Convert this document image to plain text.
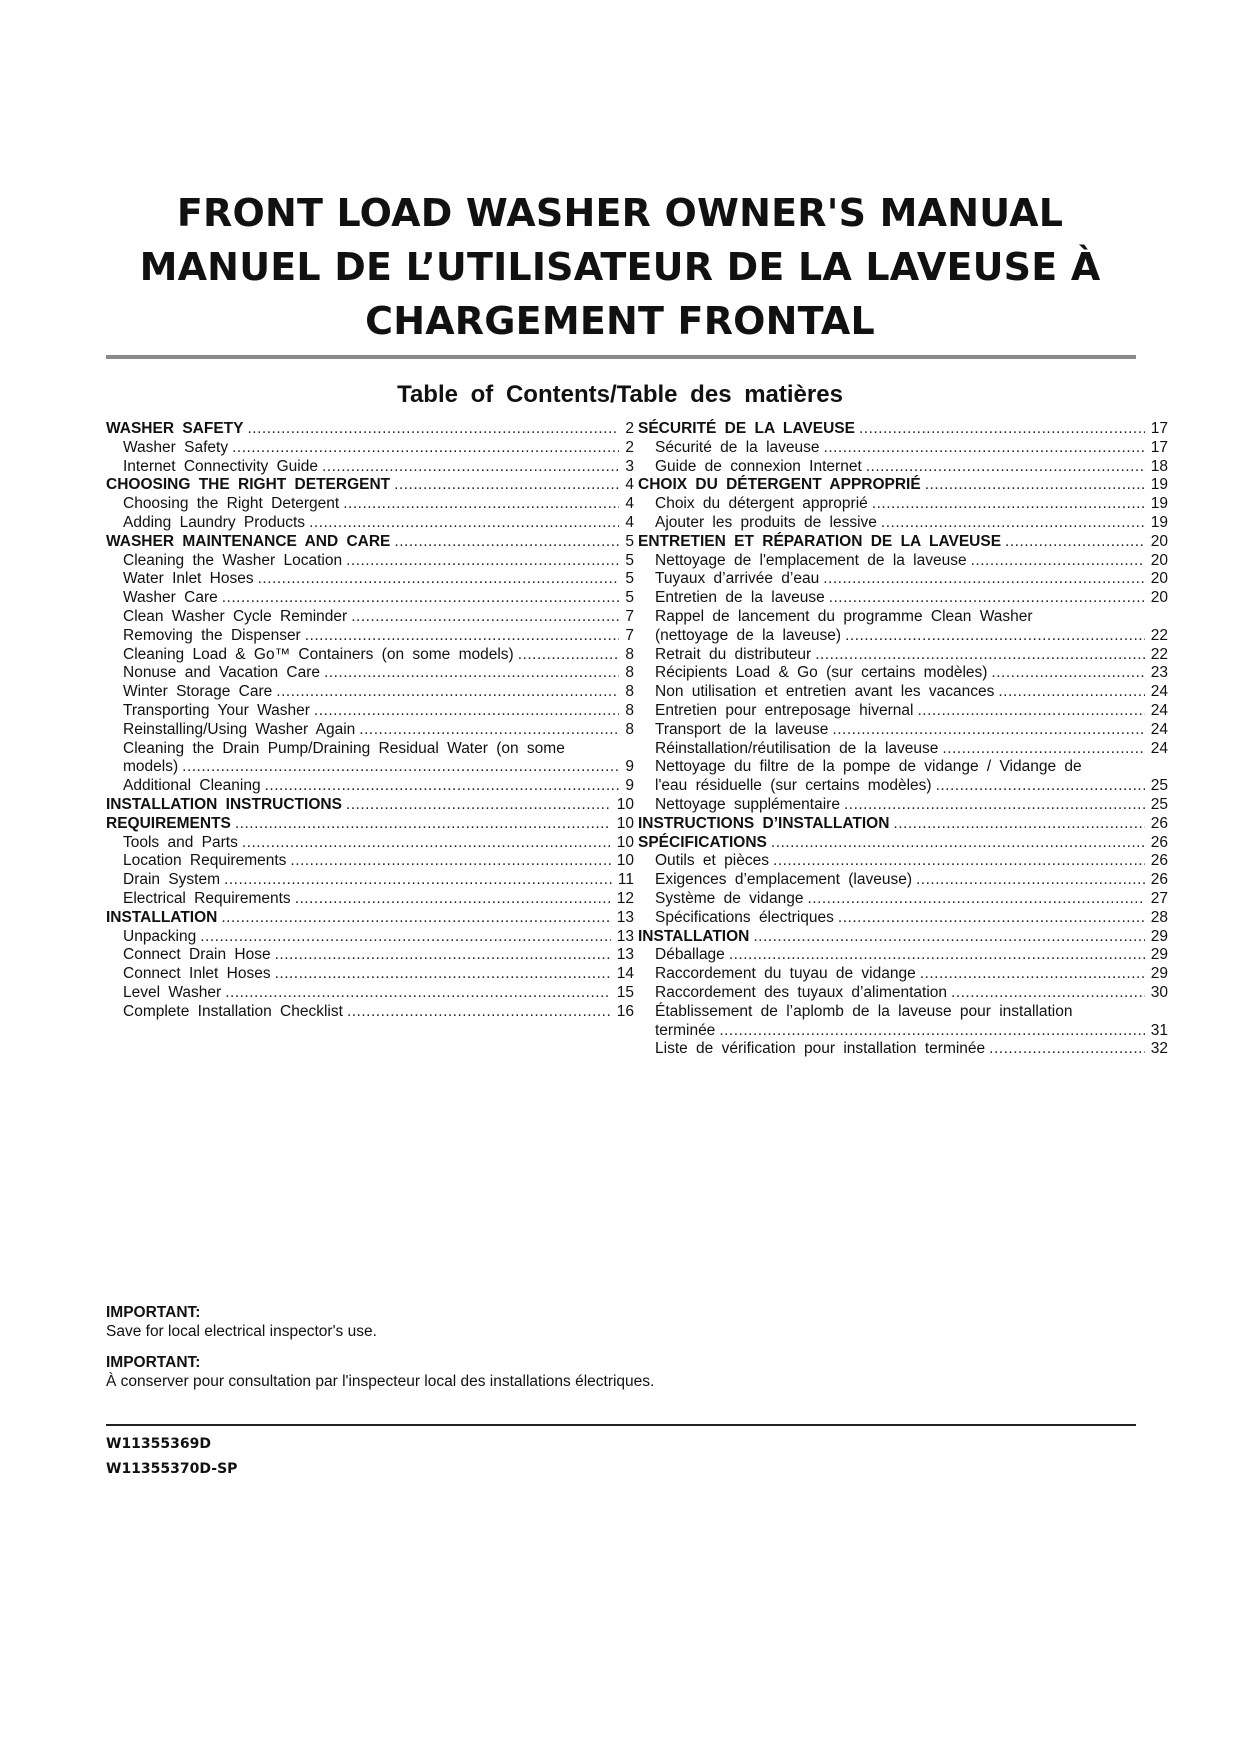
FRONT LOAD WASHER OWNER'S MANUAL
MANUEL DE L’UTILISATEUR DE LA LAVEUSE À
CHARGEMENT FRONTAL
Table of Contents/Table des matières
WASHER SAFETY .....	2
Washer Safety .....	2
Internet Connectivity Guide .....	3
CHOOSING THE RIGHT DETERGENT .....	4
Choosing the Right Detergent .....	4
Adding Laundry Products .....	4
WASHER MAINTENANCE AND CARE .....	5
Cleaning the Washer Location .....	5
Water Inlet Hoses .....	5
Washer Care .....	5
Clean Washer Cycle Reminder .....	7
Removing the Dispenser .....	7
Cleaning Load & Go™ Containers (on some models) .....	8
Nonuse and Vacation Care .....	8
Winter Storage Care .....	8
Transporting Your Washer .....	8
Reinstalling/Using Washer Again .....	8
Cleaning the Drain Pump/Draining Residual Water (on some
models) .....	9
Additional Cleaning .....	9
INSTALLATION INSTRUCTIONS .....	10
REQUIREMENTS .....	10
Tools and Parts .....	10
Location Requirements .....	10
Drain System .....	11
Electrical Requirements .....	12
INSTALLATION .....	13
Unpacking .....	13
Connect Drain Hose .....	13
Connect Inlet Hoses .....	14
Level Washer .....	15
Complete Installation Checklist .....	16
SÉCURITÉ DE LA LAVEUSE .....	17
Sécurité de la laveuse .....	17
Guide de connexion Internet .....	18
CHOIX DU DÉTERGENT APPROPRIÉ .....	19
Choix du détergent approprié .....	19
Ajouter les produits de lessive .....	19
ENTRETIEN ET RÉPARATION DE LA LAVEUSE .....	20
Nettoyage de l'emplacement de la laveuse .....	20
Tuyaux d’arrivée d’eau .....	20
Entretien de la laveuse .....	20
Rappel de lancement du programme Clean Washer
(nettoyage de la laveuse) .....	22
Retrait du distributeur .....	22
Récipients Load & Go (sur certains modèles) .....	23
Non utilisation et entretien avant les vacances .....	24
Entretien pour entreposage hivernal .....	24
Transport de la laveuse .....	24
Réinstallation/réutilisation de la laveuse .....	24
Nettoyage du filtre de la pompe de vidange / Vidange de
l'eau résiduelle (sur certains modèles) .....	25
Nettoyage supplémentaire .....	25
INSTRUCTIONS D’INSTALLATION .....	26
SPÉCIFICATIONS .....	26
Outils et pièces .....	26
Exigences d’emplacement (laveuse) .....	26
Système de vidange .....	27
Spécifications électriques .....	28
INSTALLATION .....	29
Déballage .....	29
Raccordement du tuyau de vidange .....	29
Raccordement des tuyaux d’alimentation .....	30
Établissement de l’aplomb de la laveuse pour installation
terminée .....	31
Liste de vérification pour installation terminée .....	32
IMPORTANT:
Save for local electrical inspector's use.
IMPORTANT:
À conserver pour consultation par l'inspecteur local des installations électriques.
W11355369D
W11355370D-SP
